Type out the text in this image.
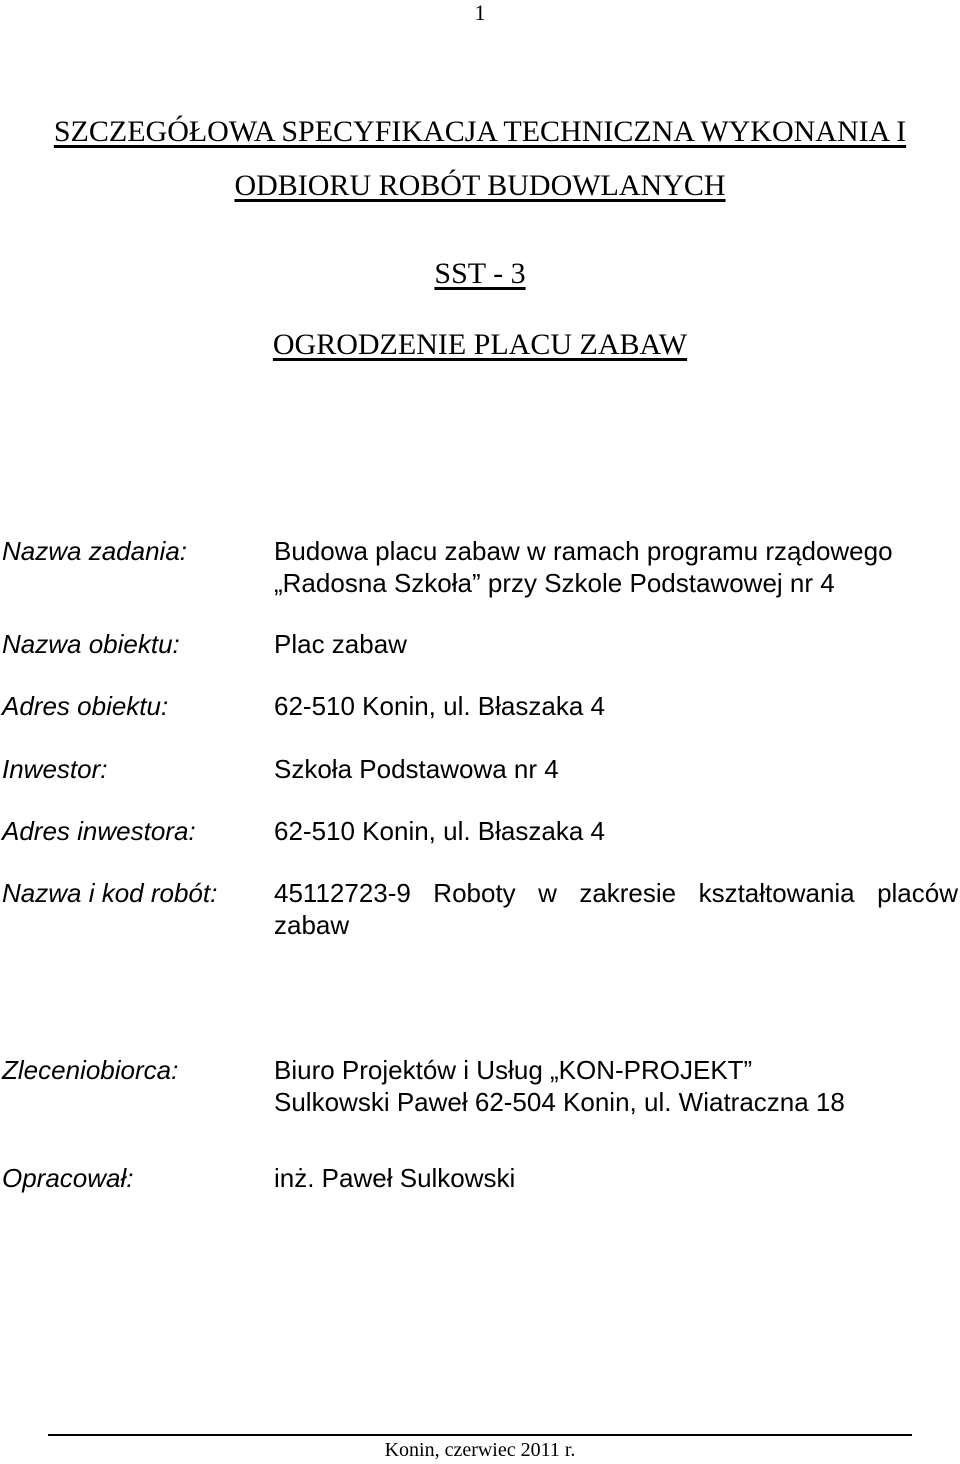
1
SZCZEGÓŁOWA SPECYFIKACJA TECHNICZNA WYKONANIA I
ODBIORU ROBÓT BUDOWLANYCH
SST - 3
OGRODZENIE PLACU ZABAW
Nazwa zadania:	Budowa placu zabaw w ramach programu rządowego
„Radosna Szkoła” przy Szkole Podstawowej nr 4
Nazwa obiektu:	Plac zabaw
Adres obiektu:	62-510 Konin, ul. Błaszaka 4
Inwestor:	Szkoła Podstawowa nr 4
Adres inwestora:	62-510 Konin, ul. Błaszaka 4
Nazwa i kod robót: 45112723-9 Roboty w zakresie kształtowania placów
zabaw
Zleceniobiorca:	Biuro Projektów i Usług „KON-PROJEKT”
Sulkowski Paweł 62-504 Konin, ul. Wiatraczna 18
Opracował:	inż. Paweł Sulkowski
Konin, czerwiec 2011 r.
